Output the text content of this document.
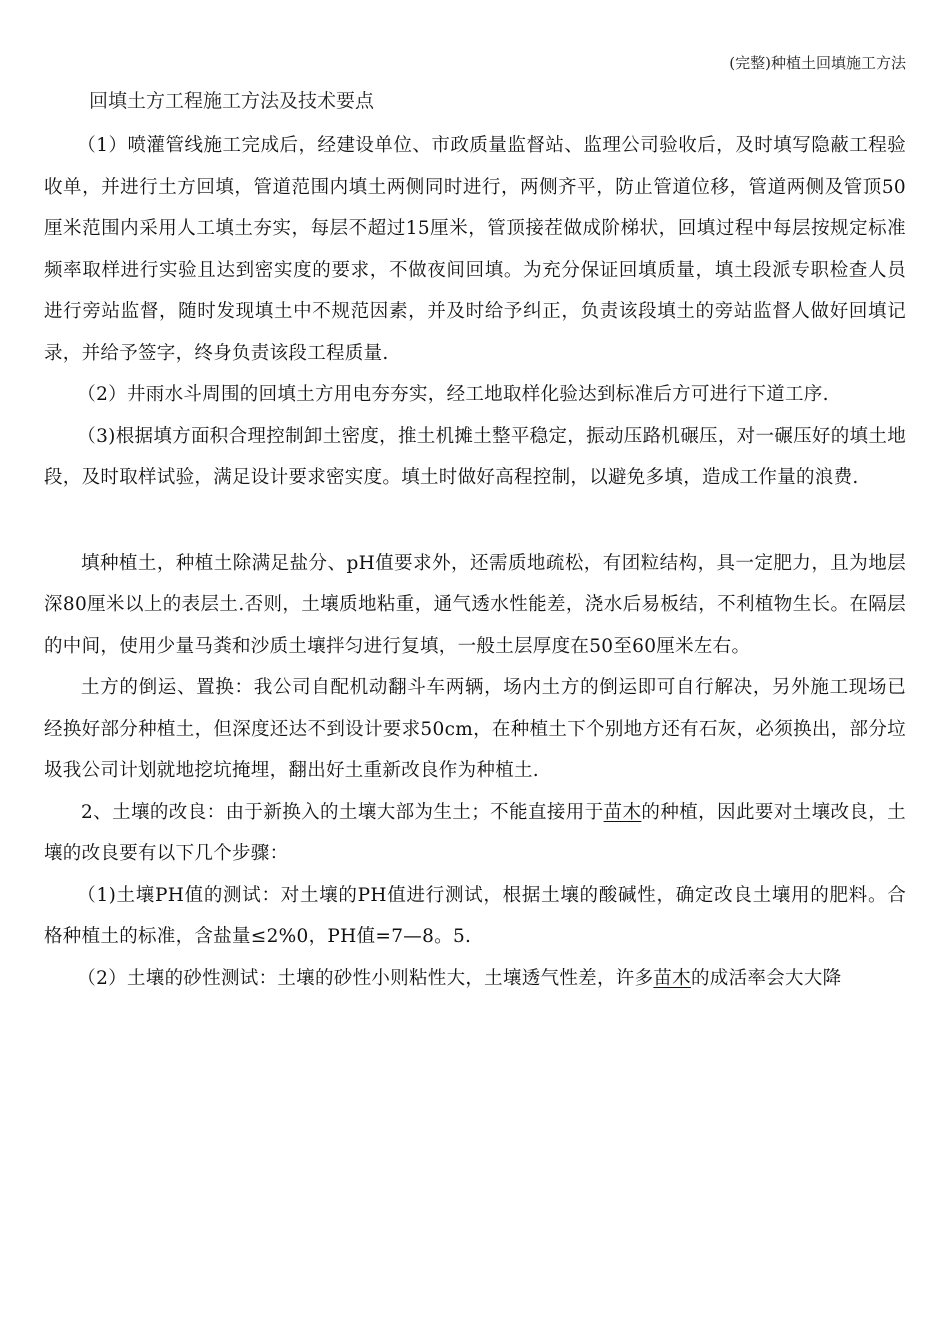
(完整)种植土回填施工方法
回填土方工程施工方法及技术要点

（1）喷灌管线施工完成后，经建设单位、市政质量监督站、监理公司验收后，及时填写隐蔽工程验收单，并进行土方回填，管道范围内填土两侧同时进行，两侧齐平，防止管道位移，管道两侧及管顶50厘米范围内采用人工填土夯实，每层不超过15厘米，管顶接茬做成阶梯状，回填过程中每层按规定标准频率取样进行实验且达到密实度的要求，不做夜间回填。为充分保证回填质量，填土段派专职检查人员进行旁站监督，随时发现填土中不规范因素，并及时给予纠正，负责该段填土的旁站监督人做好回填记录，并给予签字，终身负责该段工程质量.

（2）井雨水斗周围的回填土方用电夯夯实，经工地取样化验达到标准后方可进行下道工序.

（3)根据填方面积合理控制卸土密度，推土机摊土整平稳定，振动压路机碾压，对一碾压好的填土地段，及时取样试验，满足设计要求密实度。填土时做好高程控制，以避免多填，造成工作量的浪费.

填种植土，种植土除满足盐分、pH值要求外，还需质地疏松，有团粒结构，具一定肥力，且为地层深80厘米以上的表层土.否则，土壤质地粘重，通气透水性能差，浇水后易板结，不利植物生长。在隔层的中间，使用少量马粪和沙质土壤拌匀进行复填，一般土层厚度在50至60厘米左右。

土方的倒运、置换：我公司自配机动翻斗车两辆，场内土方的倒运即可自行解决，另外施工现场已经换好部分种植土，但深度还达不到设计要求50cm，在种植土下个别地方还有石灰，必须换出，部分垃圾我公司计划就地挖坑掩埋，翻出好土重新改良作为种植土.

2、土壤的改良：由于新换入的土壤大部为生土；不能直接用于苗木的种植，因此要对土壤改良，土壤的改良要有以下几个步骤：

（1)土壤PH值的测试：对土壤的PH值进行测试，根据土壤的酸碱性，确定改良土壤用的肥料。合格种植土的标准，含盐量≤2%0，PH值=7—8。5.

（2）土壤的砂性测试：土壤的砂性小则粘性大，土壤透气性差，许多苗木的成活率会大大降
